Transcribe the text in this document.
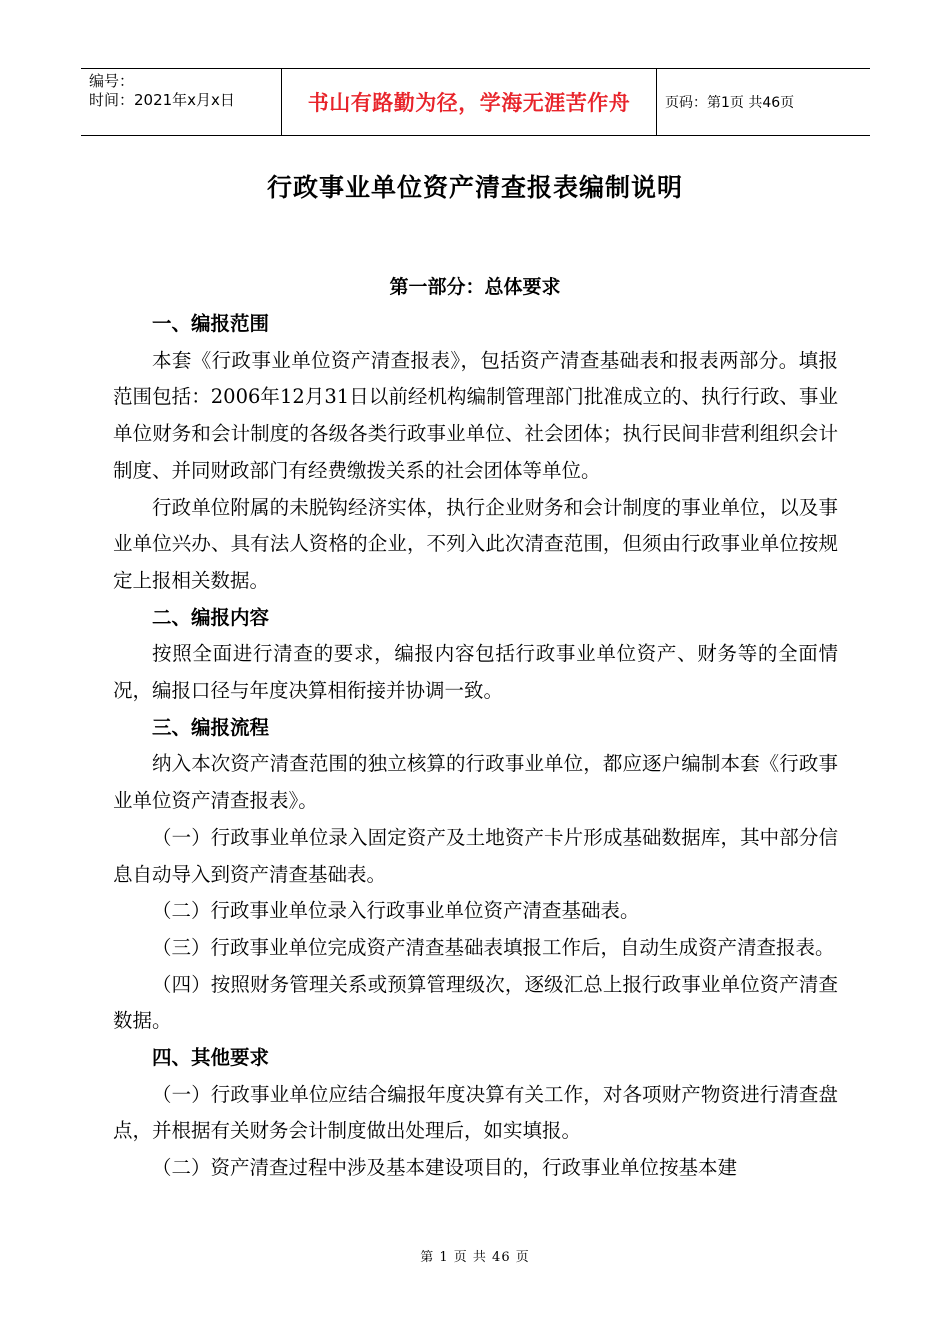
编号：
时间：2021年x月x日	书山有路勤为径，学海无涯苦作舟	页码：第1页 共46页
行政事业单位资产清查报表编制说明
第一部分：总体要求
一、编报范围

本套《行政事业单位资产清查报表》，包括资产清查基础表和报表两部分。填报范围包括：2006年12月31日以前经机构编制管理部门批准成立的、执行行政、事业单位财务和会计制度的各级各类行政事业单位、社会团体；执行民间非营利组织会计制度、并同财政部门有经费缴拨关系的社会团体等单位。

行政单位附属的未脱钩经济实体，执行企业财务和会计制度的事业单位，以及事业单位兴办、具有法人资格的企业，不列入此次清查范围，但须由行政事业单位按规定上报相关数据。

二、编报内容

按照全面进行清查的要求，编报内容包括行政事业单位资产、财务等的全面情况，编报口径与年度决算相衔接并协调一致。

三、编报流程

纳入本次资产清查范围的独立核算的行政事业单位，都应逐户编制本套《行政事业单位资产清查报表》。

（一）行政事业单位录入固定资产及土地资产卡片形成基础数据库，其中部分信息自动导入到资产清查基础表。

（二）行政事业单位录入行政事业单位资产清查基础表。

（三）行政事业单位完成资产清查基础表填报工作后，自动生成资产清查报表。

（四）按照财务管理关系或预算管理级次，逐级汇总上报行政事业单位资产清查数据。

四、其他要求

（一）行政事业单位应结合编报年度决算有关工作，对各项财产物资进行清查盘点，并根据有关财务会计制度做出处理后，如实填报。

（二）资产清查过程中涉及基本建设项目的，行政事业单位按基本建

第 1 页 共 46 页
